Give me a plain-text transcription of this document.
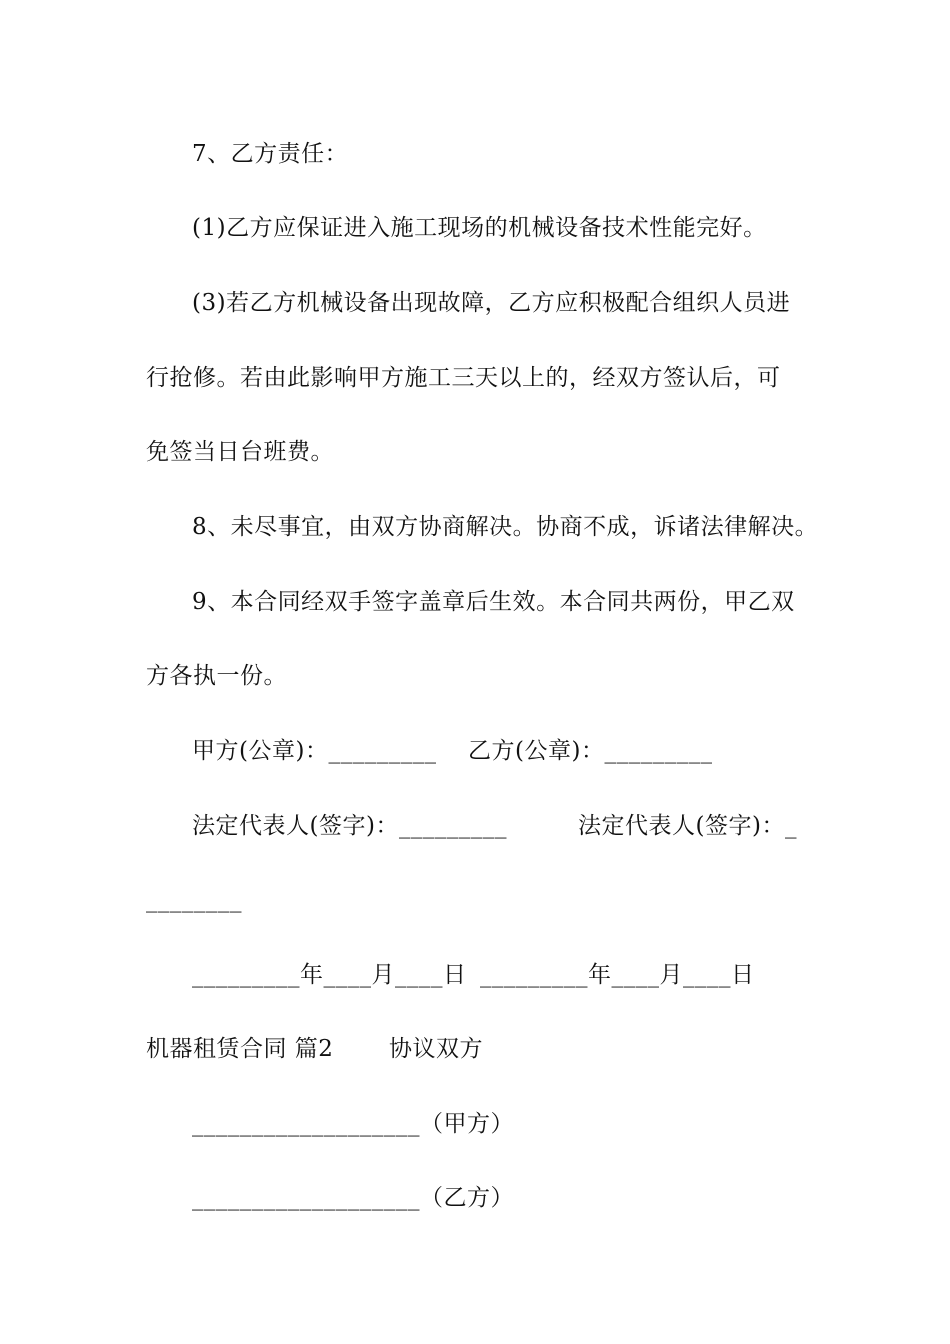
7、乙方责任：
(1)乙方应保证进入施工现场的机械设备技术性能完好。
(3)若乙方机械设备出现故障，乙方应积极配合组织人员进
行抢修。若由此影响甲方施工三天以上的，经双方签认后，可
免签当日台班费。
8、未尽事宜，由双方协商解决。协商不成，诉诸法律解决。
9、本合同经双手签字盖章后生效。本合同共两份，甲乙双
方各执一份。
甲方(公章)：_________ 乙方(公章)：_________
法定代表人(签字)：_________	法定代表人(签字)：_
________
_________年____月____日 _________年____月____日
机器租赁合同 篇2 协议双方
___________________（甲方）
___________________（乙方）
